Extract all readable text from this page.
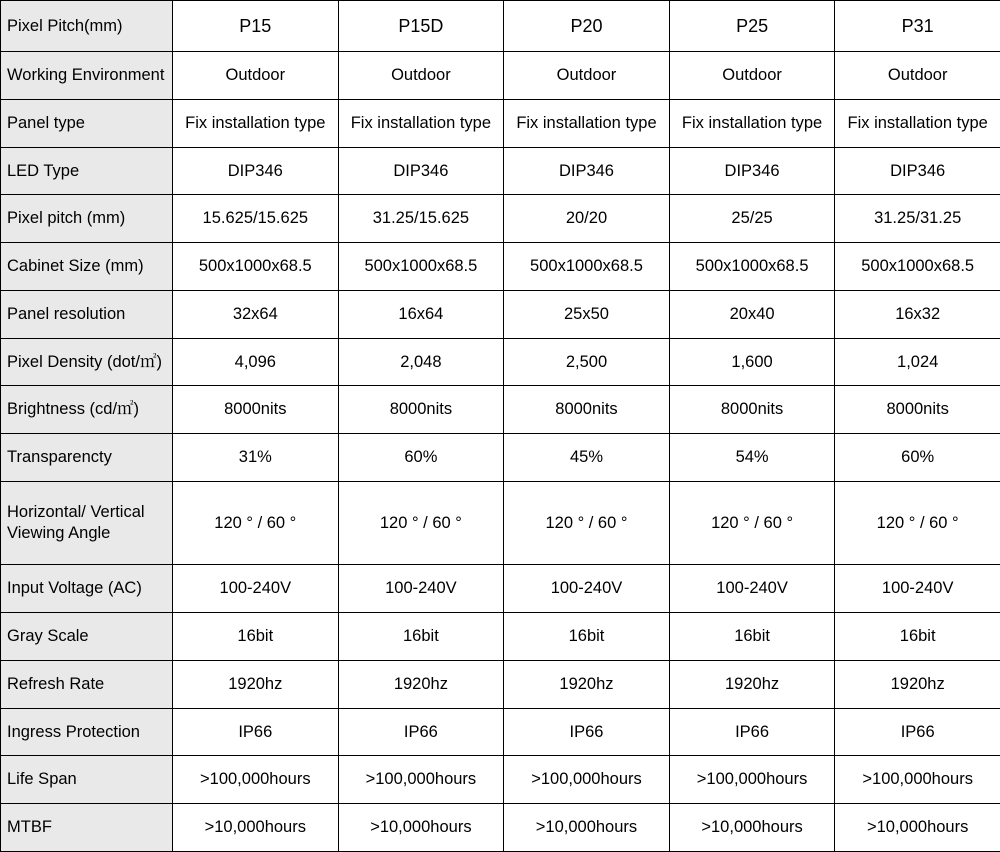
Pixel Pitch(mm)	P15	P15D	P20	P25	P31
Working Environment	Outdoor	Outdoor	Outdoor	Outdoor	Outdoor
Panel type	Fix installation type	Fix installation type	Fix installation type	Fix installation type	Fix installation type
LED Type	DIP346	DIP346	DIP346	DIP346	DIP346
Pixel pitch (mm)	15.625/15.625	31.25/15.625	20/20	25/25	31.25/31.25
Cabinet Size (mm)	500x1000x68.5	500x1000x68.5	500x1000x68.5	500x1000x68.5	500x1000x68.5
Panel resolution	32x64	16x64	25x50	20x40	16x32
Pixel Density (dot/㎡)	4,096	2,048	2,500	1,600	1,024
Brightness (cd/㎡)	8000nits	8000nits	8000nits	8000nits	8000nits
Transparencty	31%	60%	45%	54%	60%
Horizontal/ Vertical Viewing Angle	120 ° / 60 °	120 ° / 60 °	120 ° / 60 °	120 ° / 60 °	120 ° / 60 °
Input Voltage (AC)	100-240V	100-240V	100-240V	100-240V	100-240V
Gray Scale	16bit	16bit	16bit	16bit	16bit
Refresh Rate	1920hz	1920hz	1920hz	1920hz	1920hz
Ingress Protection	IP66	IP66	IP66	IP66	IP66
Life Span	>100,000hours	>100,000hours	>100,000hours	>100,000hours	>100,000hours
MTBF	>10,000hours	>10,000hours	>10,000hours	>10,000hours	>10,000hours
